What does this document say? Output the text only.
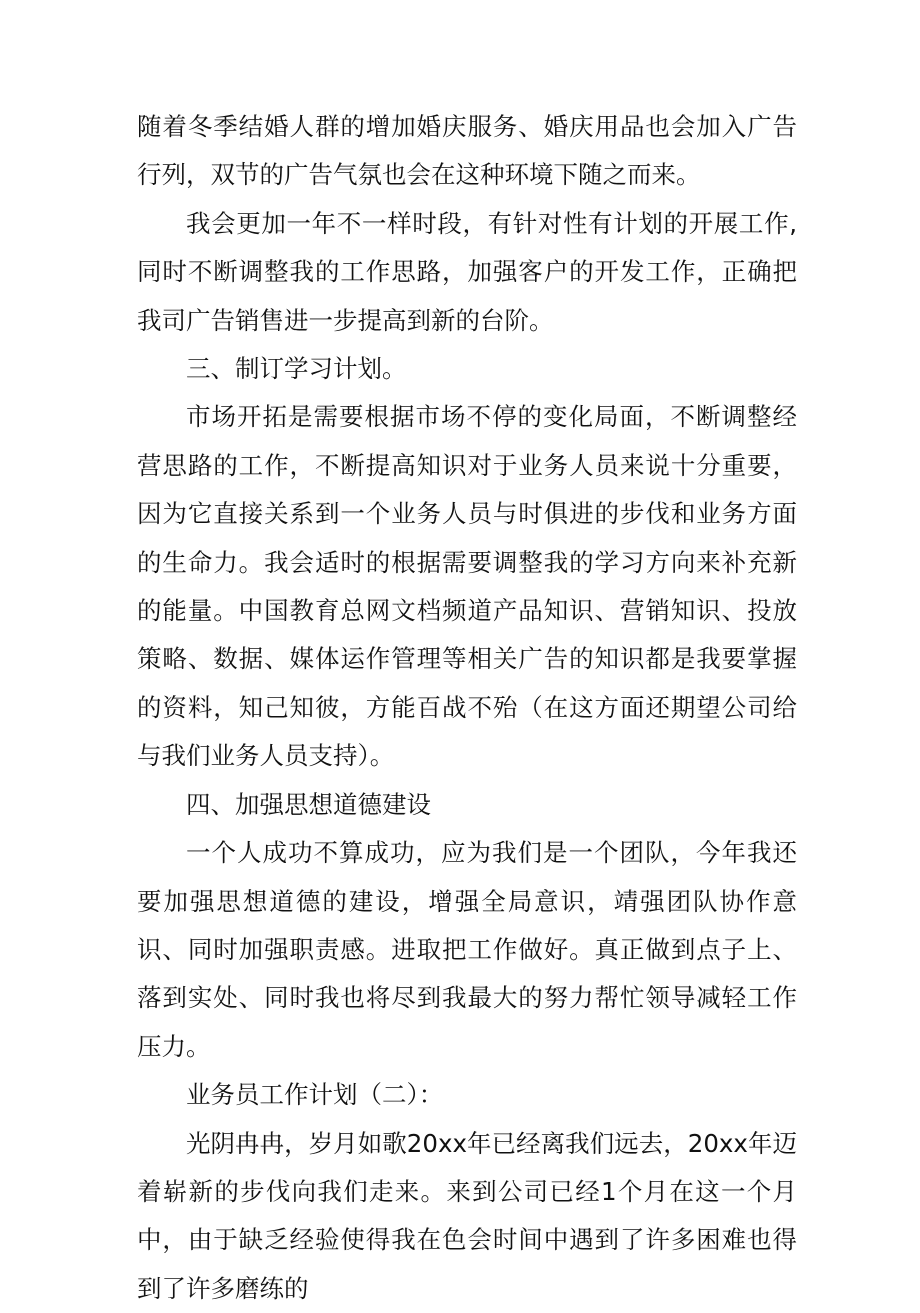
随着冬季结婚人群的增加婚庆服务、婚庆用品也会加入广告行列，双节的广告气氛也会在这种环境下随之而来。

我会更加一年不一样时段，有针对性有计划的开展工作,同时不断调整我的工作思路，加强客户的开发工作，正确把我司广告销售进一步提高到新的台阶。

三、制订学习计划。

市场开拓是需要根据市场不停的变化局面，不断调整经营思路的工作，不断提高知识对于业务人员来说十分重要，因为它直接关系到一个业务人员与时俱进的步伐和业务方面的生命力。我会适时的根据需要调整我的学习方向来补充新的能量。中国教育总网文档频道产品知识、营销知识、投放策略、数据、媒体运作管理等相关广告的知识都是我要掌握的资料，知己知彼，方能百战不殆（在这方面还期望公司给与我们业务人员支持）。

四、加强思想道德建设

一个人成功不算成功，应为我们是一个团队，今年我还要加强思想道德的建设，增强全局意识，靖强团队协作意识、同时加强职责感。进取把工作做好。真正做到点子上、落到实处、同时我也将尽到我最大的努力帮忙领导减轻工作压力。

业务员工作计划（二）：

光阴冉冉，岁月如歌20xx年已经离我们远去，20xx年迈着崭新的步伐向我们走来。来到公司已经1个月在这一个月中，由于缺乏经验使得我在色会时间中遇到了许多困难也得到了许多磨练的
